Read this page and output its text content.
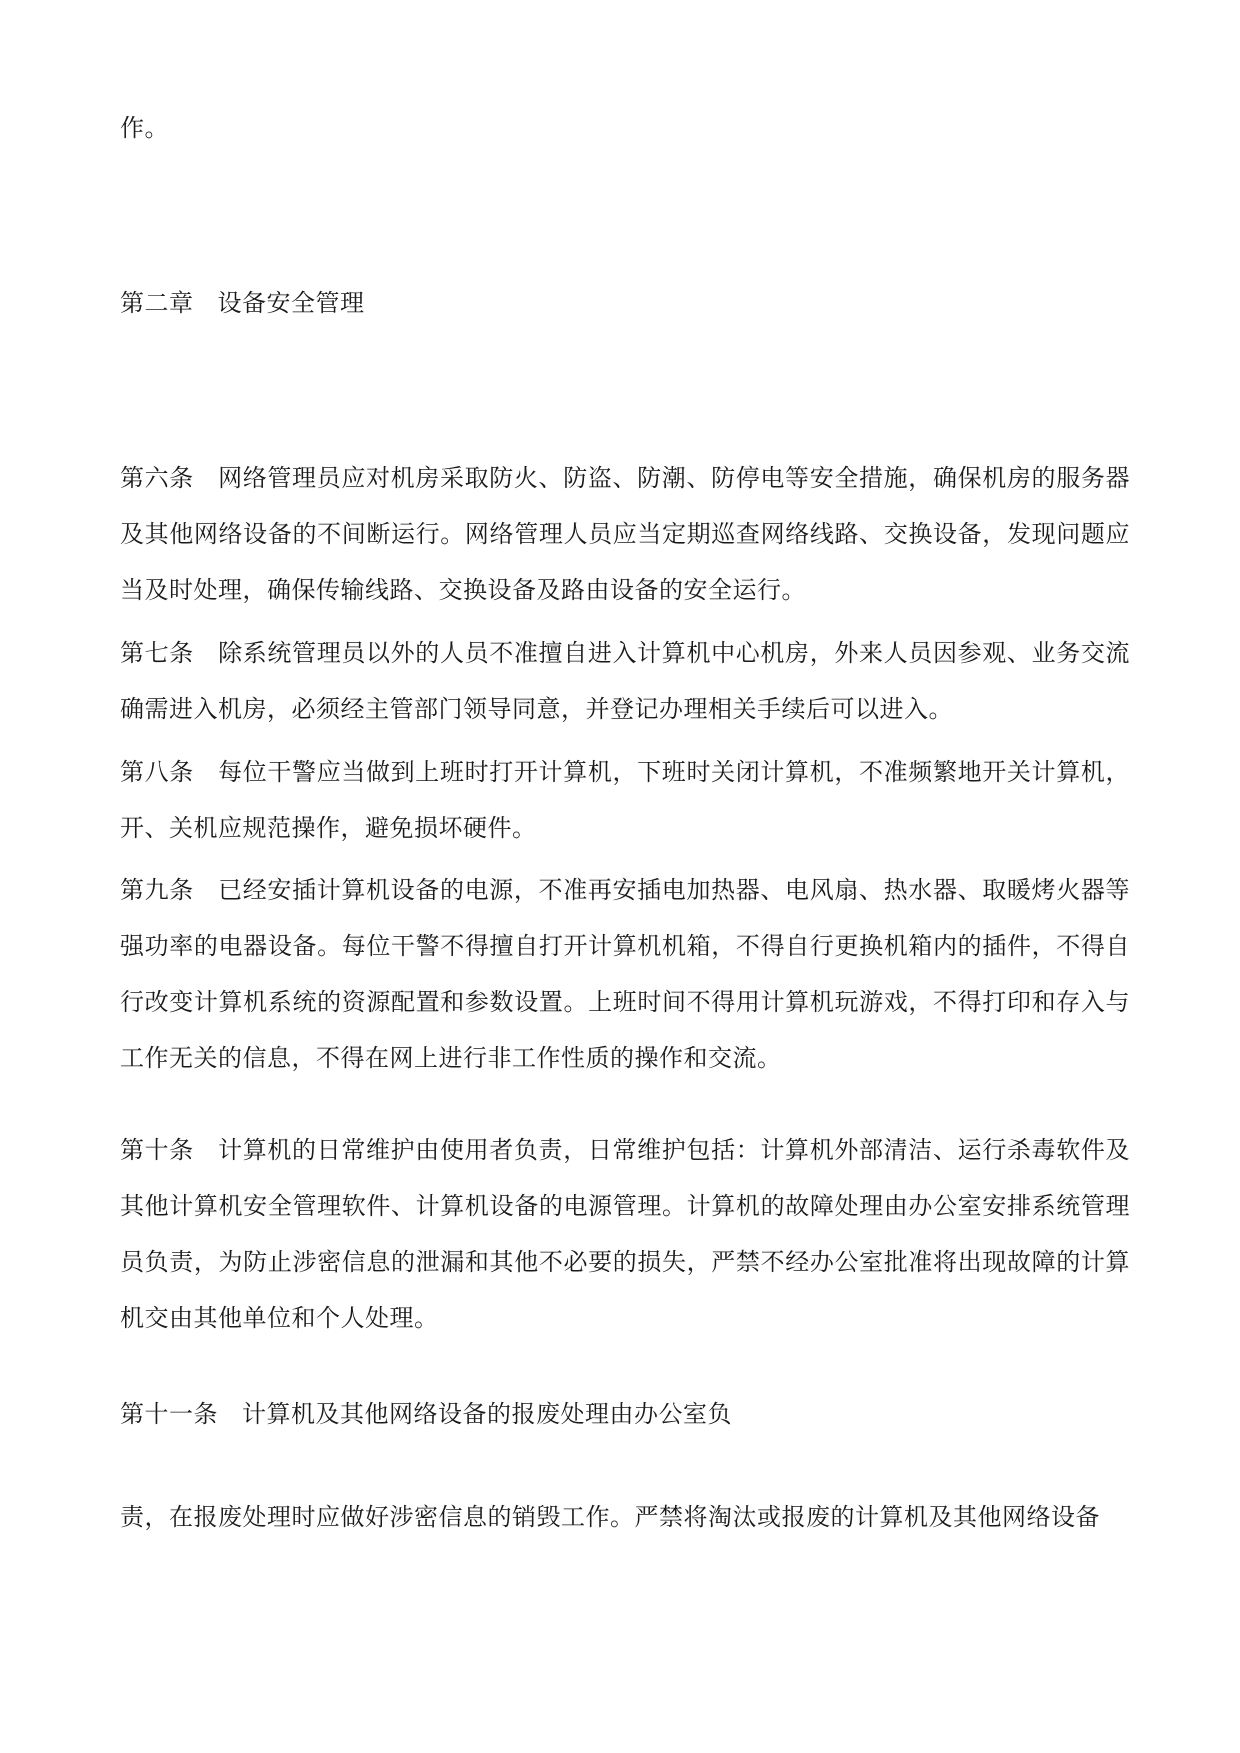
作。
第二章 设备安全管理
第六条 网络管理员应对机房采取防火、防盗、防潮、防停电等安全措施，确保机房的服务器及其他网络设备的不间断运行。网络管理人员应当定期巡查网络线路、交换设备，发现问题应当及时处理，确保传输线路、交换设备及路由设备的安全运行。
第七条 除系统管理员以外的人员不准擅自进入计算机中心机房，外来人员因参观、业务交流确需进入机房，必须经主管部门领导同意，并登记办理相关手续后可以进入。
第八条 每位干警应当做到上班时打开计算机，下班时关闭计算机，不准频繁地开关计算机，开、关机应规范操作，避免损坏硬件。
第九条 已经安插计算机设备的电源，不准再安插电加热器、电风扇、热水器、取暖烤火器等强功率的电器设备。每位干警不得擅自打开计算机机箱，不得自行更换机箱内的插件，不得自行改变计算机系统的资源配置和参数设置。上班时间不得用计算机玩游戏，不得打印和存入与工作无关的信息，不得在网上进行非工作性质的操作和交流。
第十条 计算机的日常维护由使用者负责，日常维护包括：计算机外部清洁、运行杀毒软件及其他计算机安全管理软件、计算机设备的电源管理。计算机的故障处理由办公室安排系统管理员负责，为防止涉密信息的泄漏和其他不必要的损失，严禁不经办公室批准将出现故障的计算机交由其他单位和个人处理。
第十一条 计算机及其他网络设备的报废处理由办公室负
责，在报废处理时应做好涉密信息的销毁工作。严禁将淘汰或报废的计算机及其他网络设备
